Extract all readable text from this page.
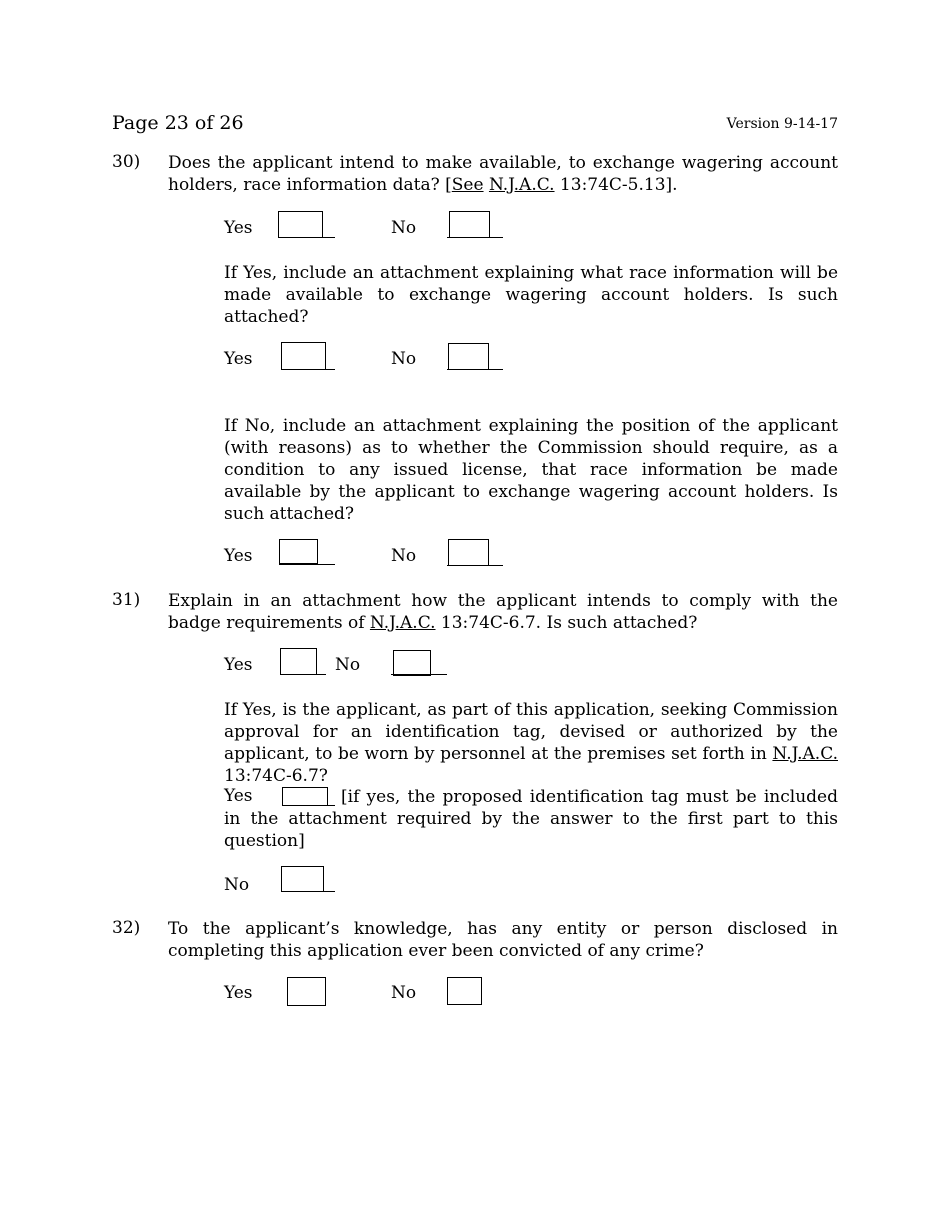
Page 23 of 26	Version 9-14-17
30) Does the applicant intend to make available, to exchange wagering account holders, race information data? [See N.J.A.C. 13:74C-5.13].

Yes	No

If Yes, include an attachment explaining what race information will be made available to exchange wagering account holders. Is such attached?

Yes	No

If No, include an attachment explaining the position of the applicant (with reasons) as to whether the Commission should require, as a condition to any issued license, that race information be made available by the applicant to exchange wagering account holders. Is such attached?

Yes	No
31) Explain in an attachment how the applicant intends to comply with the badge requirements of N.J.A.C. 13:74C-6.7. Is such attached?

Yes	No

If Yes, is the applicant, as part of this application, seeking Commission approval for an identification tag, devised or authorized by the applicant, to be worn by personnel at the premises set forth in N.J.A.C. 13:74C-6.7?

Yes	[if yes, the proposed identification tag must be included in the attachment required by the answer to the first part to this question]

No
32) To the applicant’s knowledge, has any entity or person disclosed in completing this application ever been convicted of any crime?

Yes	No
